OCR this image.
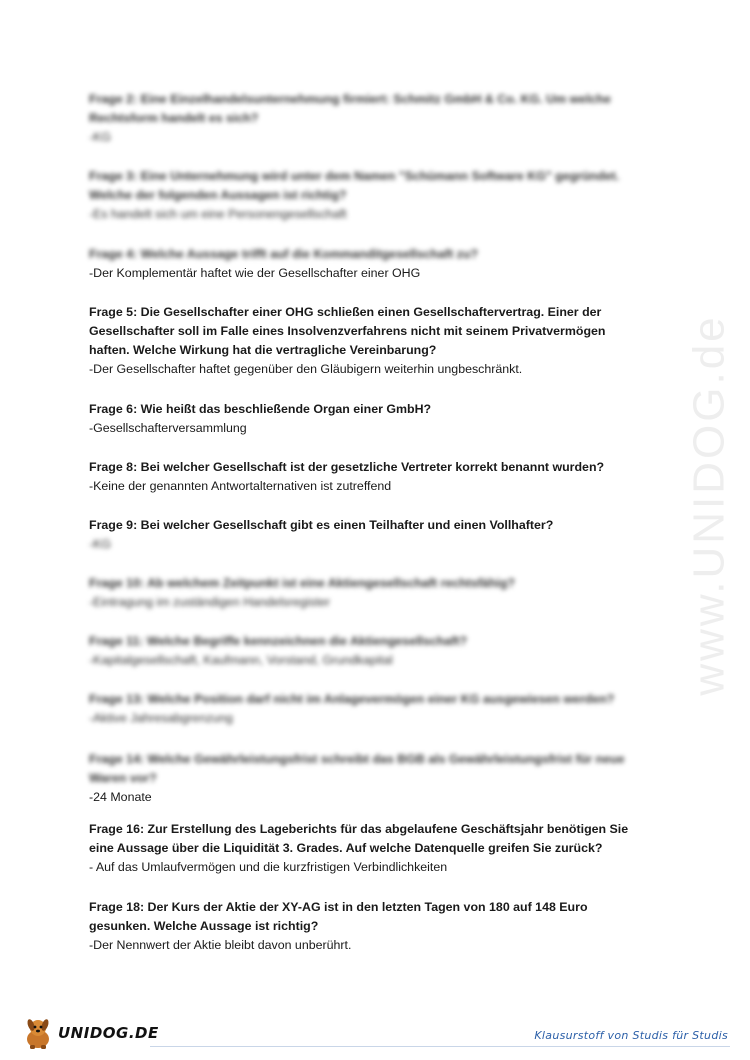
www.UNIDOG.de

Frage 2: Eine Einzelhandelsunternehmung firmiert: Schmitz GmbH & Co. KG. Um welche Rechtsform handelt es sich?

-KG

Frage 3: Eine Unternehmung wird unter dem Namen "Schümann Software KG" gegründet. Welche der folgenden Aussagen ist richtig?

-Es handelt sich um eine Personengesellschaft

Frage 4: Welche Aussage trifft auf die Kommanditgesellschaft zu?

-Der Komplementär haftet wie der Gesellschafter einer OHG

Frage 5: Die Gesellschafter einer OHG schließen einen Gesellschaftervertrag. Einer der Gesellschafter soll im Falle eines Insolvenzverfahrens nicht mit seinem Privatvermögen haften. Welche Wirkung hat die vertragliche Vereinbarung?

-Der Gesellschafter haftet gegenüber den Gläubigern weiterhin ungbeschränkt.

Frage 6: Wie heißt das beschließende Organ einer GmbH?

-Gesellschafterversammlung

Frage 8: Bei welcher Gesellschaft ist der gesetzliche Vertreter korrekt benannt wurden?

-Keine der genannten Antwortalternativen ist zutreffend

Frage 9: Bei welcher Gesellschaft gibt es einen Teilhafter und einen Vollhafter?

-KG

Frage 10: Ab welchem Zeitpunkt ist eine Aktiengesellschaft rechtsfähig?

-Eintragung im zuständigen Handelsregister

Frage 11: Welche Begriffe kennzeichnen die Aktiengesellschaft?

-Kapitalgesellschaft, Kaufmann, Vorstand, Grundkapital

Frage 13: Welche Position darf nicht im Anlagevermögen einer KG ausgewiesen werden?

-Aktive Jahresabgrenzung

Frage 14: Welche Gewährleistungsfrist schreibt das BGB als Gewährleistungsfrist für neue Waren vor?

-24 Monate

Frage 16: Zur Erstellung des Lageberichts für das abgelaufene Geschäftsjahr benötigen Sie eine Aussage über die Liquidität 3. Grades. Auf welche Datenquelle greifen Sie zurück?

- Auf das Umlaufvermögen und die kurzfristigen Verbindlichkeiten

Frage 18: Der Kurs der Aktie der XY-AG ist in den letzten Tagen von 180 auf 148 Euro gesunken. Welche Aussage ist richtig?

-Der Nennwert der Aktie bleibt davon unberührt.

UNIDOG.DE	Klausurstoff von Studis für Studis
